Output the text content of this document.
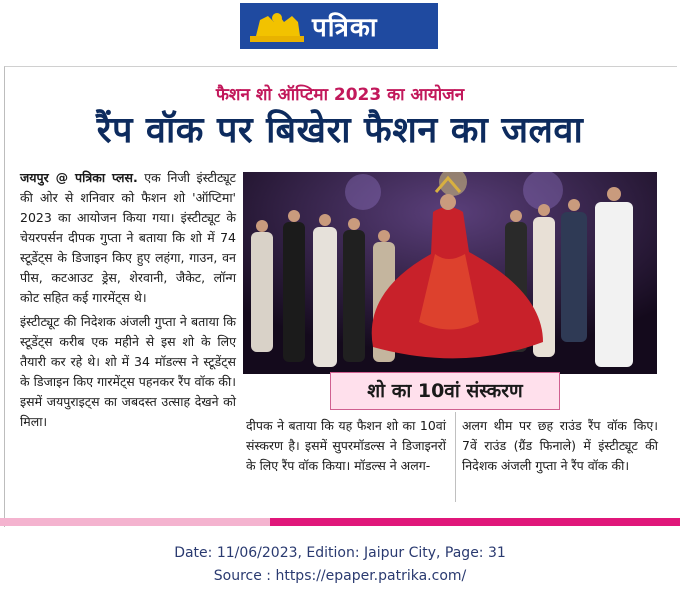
पत्रिका
फैशन शो ऑप्टिमा 2023 का आयोजन
रैंप वॉक पर बिखेरा फैशन का जलवा

जयपुर @ पत्रिका प्लस. एक निजी इंस्टीट्यूट की ओर से शनिवार को फैशन शो 'ऑप्टिमा' 2023 का आयोजन किया गया। इंस्टीट्यूट के चेयरपर्सन दीपक गुप्ता ने बताया कि शो में 74 स्टूडेंट्स के डिजाइन किए हुए लहंगा, गाउन, वन पीस, कटआउट ड्रेस, शेरवानी, जैकेट, लॉन्ग कोट सहित कई गारमेंट्स थे।

इंस्टीट्यूट की निदेशक अंजली गुप्ता ने बताया कि स्टूडेंट्स करीब एक महीने से इस शो के लिए तैयारी कर रहे थे। शो में 34 मॉडल्स ने स्टूडेंट्स के डिजाइन किए गारमेंट्स पहनकर रैंप वॉक की। इसमें जयपुराइट्स का जबदस्त उत्साह देखने को मिला।

शो का 10वां संस्करण
दीपक ने बताया कि यह फैशन शो का 10वां संस्करण है। इसमें सुपरमॉडल्स ने डिजाइनरों के लिए रैंप वॉक किया। मॉडल्स ने अलग-
अलग थीम पर छह राउंड रैंप वॉक किए। 7वें राउंड (ग्रैंड फिनाले) में इंस्टीट्यूट की निदेशक अंजली गुप्ता ने रैंप वॉक की।
Date: 11/06/2023, Edition: Jaipur City, Page: 31
Source : https://epaper.patrika.com/
